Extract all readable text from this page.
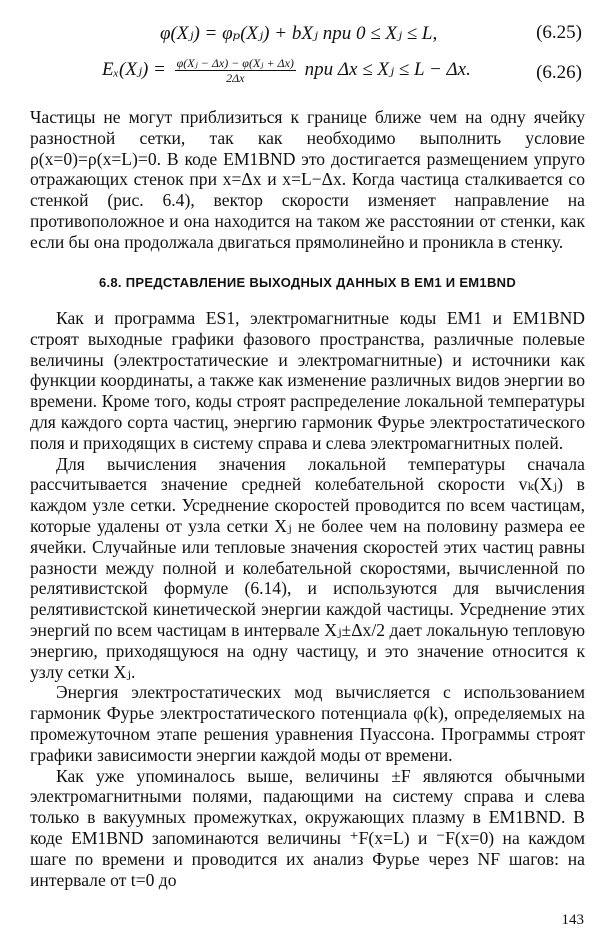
φ(Xⱼ) = φₚ(Xⱼ) + bXⱼ при 0 ≤ Xⱼ ≤ L,	(6.25)
Eₓ(Xⱼ) = $\frac{\text{φ(Xⱼ − Δx) − φ(Xⱼ + Δx)}}{2\Delta x}$ при Δx ≤ Xⱼ ≤ L − Δx.	(6.26)

Частицы не могут приблизиться к границе ближе чем на одну ячейку разностной сетки, так как необходимо выполнить условие ρ(x=0)=ρ(x=L)=0. В коде EM1BND это достигается размещением упруго отражающих стенок при x=Δx и x=L−Δx. Когда частица сталкивается со стенкой (рис. 6.4), вектор скорости изменяет направление на противоположное и она находится на таком же расстоянии от стенки, как если бы она продолжала двигаться прямолинейно и проникла в стенку.

6.8. ПРЕДСТАВЛЕНИЕ ВЫХОДНЫХ ДАННЫХ В EM1 И EM1BND

Как и программа ES1, электромагнитные коды EM1 и EM1BND строят выходные графики фазового пространства, различные полевые величины (электростатические и электромагнитные) и источники как функции координаты, а также как изменение различных видов энергии во времени. Кроме того, коды строят распределение локальной температуры для каждого сорта частиц, энергию гармоник Фурье электростатического поля и приходящих в систему справа и слева электромагнитных полей.

Для вычисления значения локальной температуры сначала рассчитывается значение средней колебательной скорости vₖ(Xⱼ) в каждом узле сетки. Усреднение скоростей проводится по всем частицам, которые удалены от узла сетки Xⱼ не более чем на половину размера ее ячейки. Случайные или тепловые значения скоростей этих частиц равны разности между полной и колебательной скоростями, вычисленной по релятивистской формуле (6.14), и используются для вычисления релятивистской кинетической энергии каждой частицы. Усреднение этих энергий по всем частицам в интервале Xⱼ±Δx/2 дает локальную тепловую энергию, приходящуюся на одну частицу, и это значение относится к узлу сетки Xⱼ.

Энергия электростатических мод вычисляется с использованием гармоник Фурье электростатического потенциала φ(k), определяемых на промежуточном этапе решения уравнения Пуассона. Программы строят графики зависимости энергии каждой моды от времени.

Как уже упоминалось выше, величины ±F являются обычными электромагнитными полями, падающими на систему справа и слева только в вакуумных промежутках, окружающих плазму в EM1BND. В коде EM1BND запоминаются величины ⁺F(x=L) и ⁻F(x=0) на каждом шаге по времени и проводится их анализ Фурье через NF шагов: на интервале от t=0 до

143
